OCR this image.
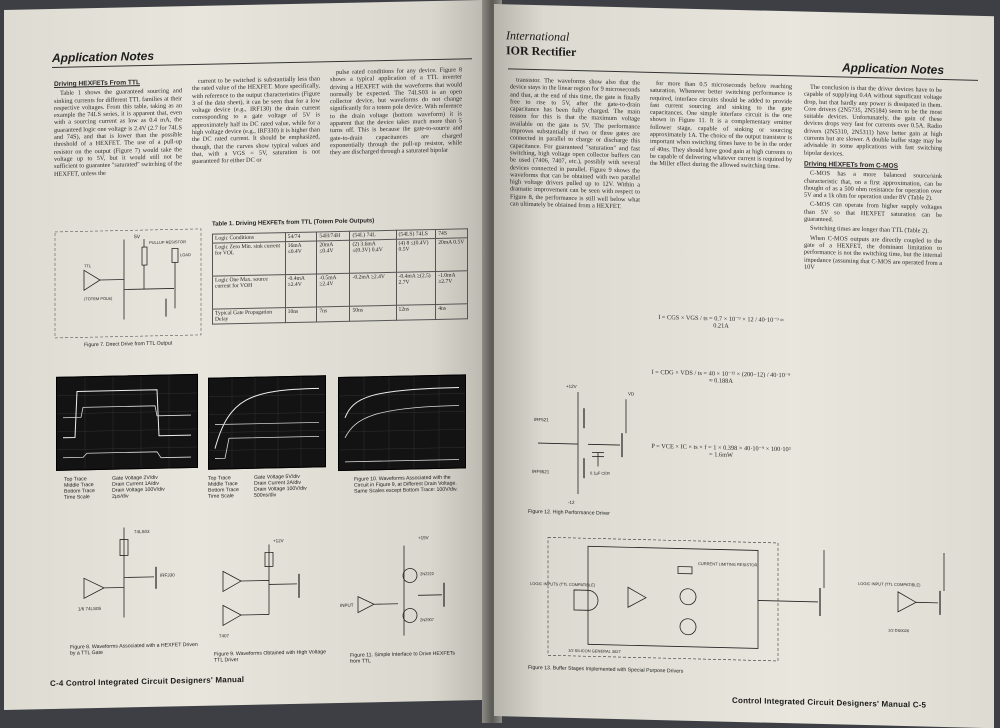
Application Notes
Driving HEXFETs From TTL

Table 1 shows the guaranteed sourcing and sinking currents for different TTL families at their respective voltages. From this table, taking as an example the 74LS series, it is apparent that, even with a sourcing current as low as 0.4 mA, the guaranteed logic one voltage is 2.4V (2.7 for 74LS and 74S), and that is lower than the possible threshold of a HEXFET. The use of a pull-up resistor on the output (Figure 7) would take the voltage up to 5V, but it would still not be sufficient to guarantee "saturated" switching of the HEXFET, unless the

current to be switched is substantially less than the rated value of the HEXFET. More specifically, with reference to the output characteristics (Figure 3 of the data sheet), it can be seen that for a low voltage device (e.g., IRF130) the drain current corresponding to a gate voltage of 5V is approximately half its DC rated value, while for a high voltage device (e.g., IRF330) it is higher than the DC rated current. It should be emphasized, though, that the curves show typical values and that, with a VGS = 5V, saturation is not guaranteed for either DC or

pulse rated conditions for any device. Figure 8 shows a typical application of a TTL inverter driving a HEXFET with the waveforms that would normally be expected. The 74LS03 is an open collector device, but waveforms do not change significantly for a totem pole device. With reference to the drain voltage (bottom waveform) it is apparent that the device takes much more than 5 turns off. This is because the gate-to-source and gate-to-drain capacitances are charged exponentially through the pull-up resistor, while they are discharged through a saturated bipolar

5V
PULLUP RESISTOR
LOAD
(TOTEM POLE)
TTL
Figure 7. Direct Drive from TTL Output
Table 1. Driving HEXFETs from TTL (Totem Pole Outputs)
Logic Conditions	54/74	54H/74H	(54L) 74L	(54LS) 74LS	74S
Logic Zero Min. sink current for VOL	16mA ≤0.4V	20mA ≤0.4V	(2) 3.6mA ≤(0.3V) 0.4V	(4) 8 ≤(0.4V) 0.5V	20mA 0.5V
Logic One Max. source current for VOH	-0.4mA ≥2.4V	-0.5mA ≥2.4V	-0.2mA ≥2.4V	-0.4mA ≥(2.5) 2.7V	-1.0mA ≥2.7V
Typical Gate Propagation Delay	10ns	7ns	50ns	12ns	4ns
Top Trace
Middle Trace
Bottom Trace
Time Scale
Gate Voltage 2V/div
Drain Current 1A/div
Drain Voltage 100V/div
2µs/div
Top Trace
Middle Trace
Bottom Trace
Time Scale
Gate Voltage 5V/div
Drain Current 2A/div
Drain Voltage 100V/div
500ns/div
Figure 10. Waveforms Associated with the Circuit in Figure 9, at Different Drain Voltage. Same Scales except Bottom Trace: 100V/div.
74LS03
IRF330
1/6 74LS05
Figure 8. Waveforms Associated with a HEXFET Driven by a TTL Gate
+12V
7407
Figure 9. Waveforms Obtained with High Voltage TTL Driver
INPUT
+15V
2N2222
2N2907
Figure 11. Simple Interface to Drive HEXFETs from TTL
C-4 Control Integrated Circuit Designers' Manual
International
IOR Rectifier
Application Notes

transistor. The waveforms show also that the device stays in the linear region for 9 microseconds and that, at the end of this time, the gate is finally free to rise to 5V, after the gate-to-drain capacitance has been fully charged. The main reason for this is that the maximum voltage available on the gate is 5V. The performance improves substantially if two or three gates are connected in parallel to charge or discharge this capacitance. For guaranteed "saturation" and fast switching, high voltage open collector buffers can be used (7406, 7407, etc.), possibly with several devices connected in parallel. Figure 9 shows the waveforms that can be obtained with two parallel high voltage drivers pulled up to 12V. Within a dramatic improvement can be seen with respect to Figure 8, the performance is still well below what can ultimately be obtained from a HEXFET.

for more than 0.5 microseconds before reaching saturation. Whenever better switching performance is required, interface circuits should be added to provide fast current sourcing and sinking to the gate capacitances. One simple interface circuit is the one shown in Figure 11. It is a complementary emitter follower stage, capable of sinking or sourcing approximately 1A. The choice of the output transistor is important when switching times have to be in the order of 40ns. They should have good gain at high currents to be capable of delivering whatever current is required by the Miller effect during the allowed switching time.

I = CGS × VGS / ts = 0.7 × 10⁻⁹ × 12 / 40·10⁻⁹ ≈ 0.21A
I = CDG × VDS / ts = 40 × 10⁻¹² × (200−12) / 40·10⁻⁹ ≈ 0.188A
P = VCE × IC × ts × f = 1 × 0.398 × 40·10⁻⁹ × 100·10³ = 1.6mW

The conclusion is that the driver devices have to be capable of supplying 0.4A without significant voltage drop, but that hardly any power is dissipated in them. Core drivers (2N5735, 2N5184) seem to be the most suitable devices. Unfortunately, the gain of these devices drops very fast for currents over 0.5A. Radio drivers (2N5310, 2N5311) have better gain at high currents but are slower. A double buffer stage may be advisable in some applications with fast switching bipolar devices.

Driving HEXFETs from C-MOS

C-MOS has a more balanced source/sink characteristic that, on a first approximation, can be thought of as a 500 ohm resistance for operation over 5V and a 1k ohm for operation under 8V (Table 2).

C-MOS can operate from higher supply voltages than 5V so that HEXFET saturation can be guaranteed.

Switching times are longer than TTL (Table 2).

When C-MOS outputs are directly coupled to the gate of a HEXFET, the dominant limitation to performance is not the switching time, but the internal impedance (assuming that C-MOS are operated from a 10V

+12V
VD
IRF521
IRF9521	0.1µF CER
-12
Figure 12. High Performance Driver
LOGIC INPUTS (TTL COMPATIBLE)
CURRENT LIMITING RESISTOR
1/2 SILICON GENERAL 3627
LOGIC INPUT (TTL COMPATIBLE)
1/2 DS0026
Figure 13. Buffer Stages Implemented with Special Purpose Drivers
Control Integrated Circuit Designers' Manual C-5
